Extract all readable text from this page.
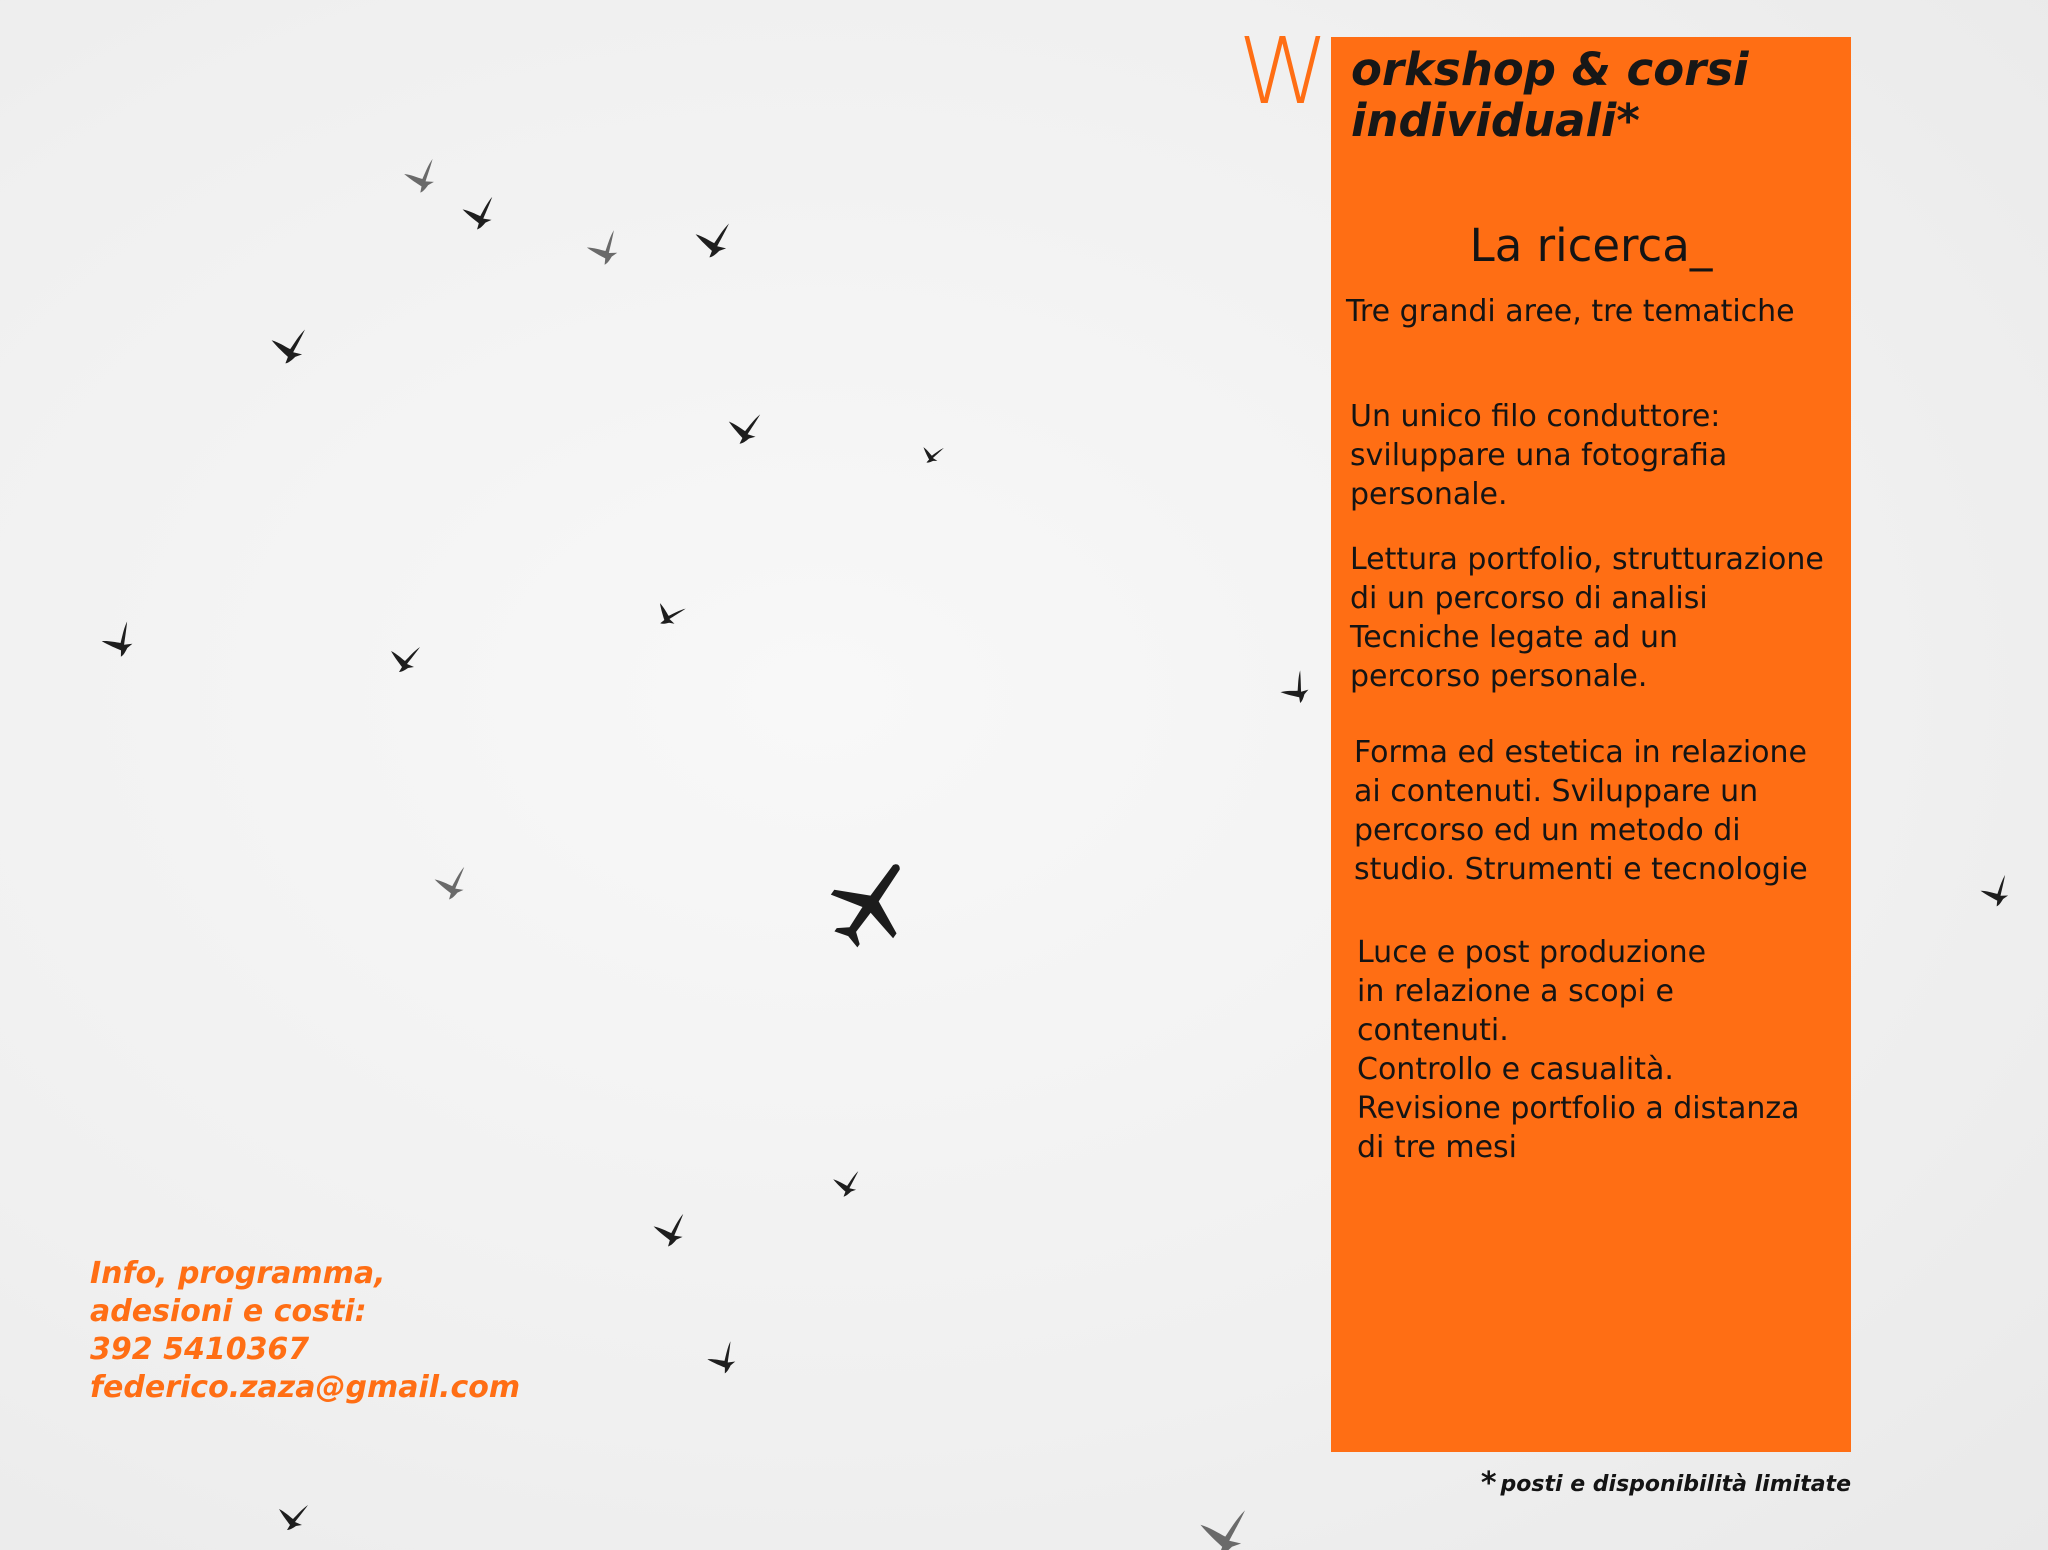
W orkshop & corsi
individuali*
La ricerca_
Tre grandi aree, tre tematiche
Un unico filo conduttore:
sviluppare una fotografia
personale.
Lettura portfolio, strutturazione
di un percorso di analisi
Tecniche legate ad un
percorso personale.
Forma ed estetica in relazione
ai contenuti. Sviluppare un
percorso ed un metodo di
studio. Strumenti e tecnologie
Luce e post produzione
in relazione a scopi e
contenuti.
Controllo e casualità.
Revisione portfolio a distanza
di tre mesi
Info, programma,
adesioni e costi:
392 5410367
federico.zaza@gmail.com
* posti e disponibilità limitate
